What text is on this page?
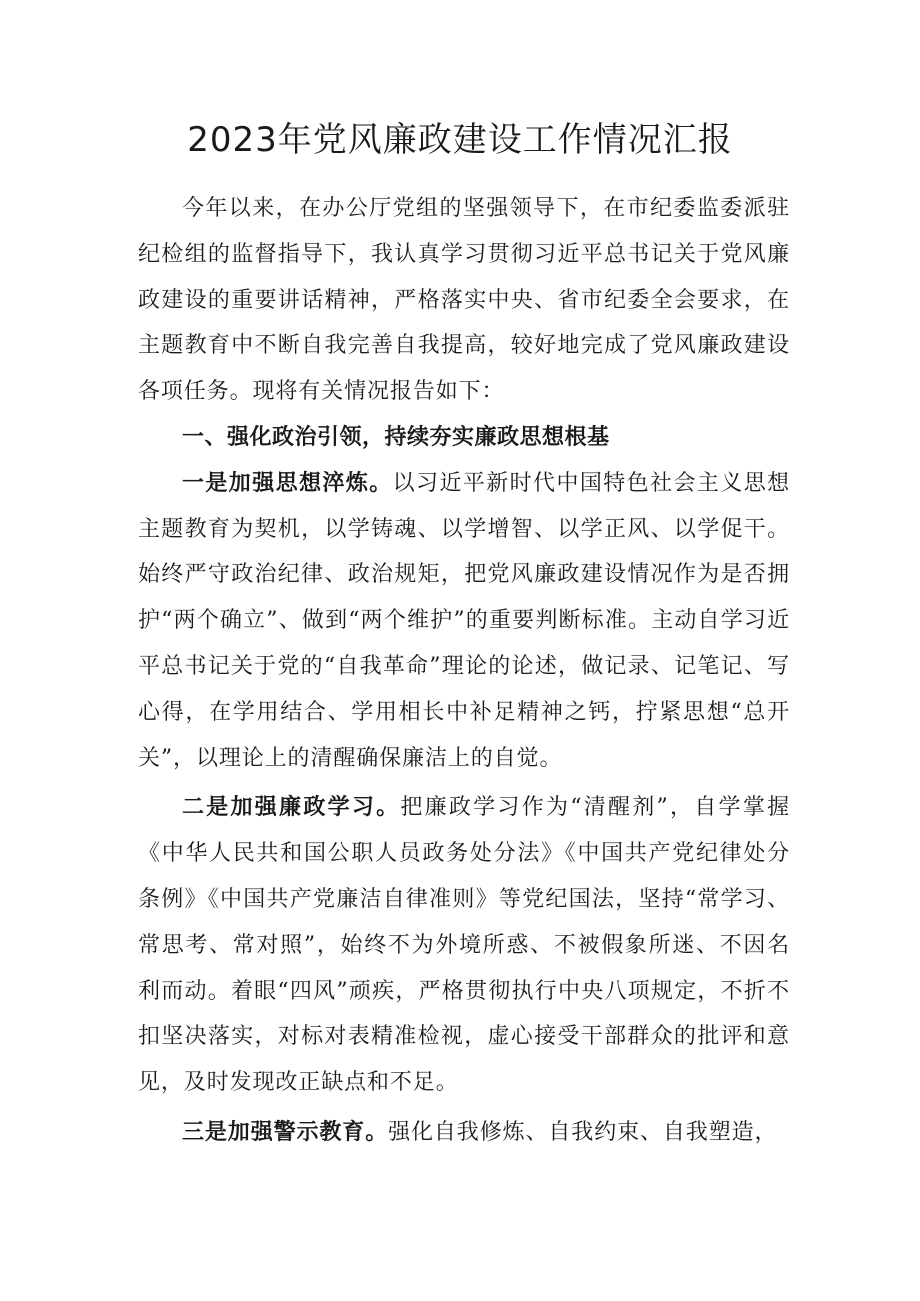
2023年党风廉政建设工作情况汇报

今年以来，在办公厅党组的坚强领导下，在市纪委监委派驻纪检组的监督指导下，我认真学习贯彻习近平总书记关于党风廉政建设的重要讲话精神，严格落实中央、省市纪委全会要求，在主题教育中不断自我完善自我提高，较好地完成了党风廉政建设各项任务。现将有关情况报告如下：

一、强化政治引领，持续夯实廉政思想根基

一是加强思想淬炼。以习近平新时代中国特色社会主义思想主题教育为契机，以学铸魂、以学增智、以学正风、以学促干。始终严守政治纪律、政治规矩，把党风廉政建设情况作为是否拥护“两个确立”、做到“两个维护”的重要判断标准。主动自学习近平总书记关于党的“自我革命”理论的论述，做记录、记笔记、写心得，在学用结合、学用相长中补足精神之钙，拧紧思想“总开关”，以理论上的清醒确保廉洁上的自觉。

二是加强廉政学习。把廉政学习作为“清醒剂”，自学掌握《中华人民共和国公职人员政务处分法》《中国共产党纪律处分条例》《中国共产党廉洁自律准则》等党纪国法，坚持“常学习、常思考、常对照”，始终不为外境所惑、不被假象所迷、不因名利而动。着眼“四风”顽疾，严格贯彻执行中央八项规定，不折不扣坚决落实，对标对表精准检视，虚心接受干部群众的批评和意见，及时发现改正缺点和不足。

三是加强警示教育。强化自我修炼、自我约束、自我塑造，
